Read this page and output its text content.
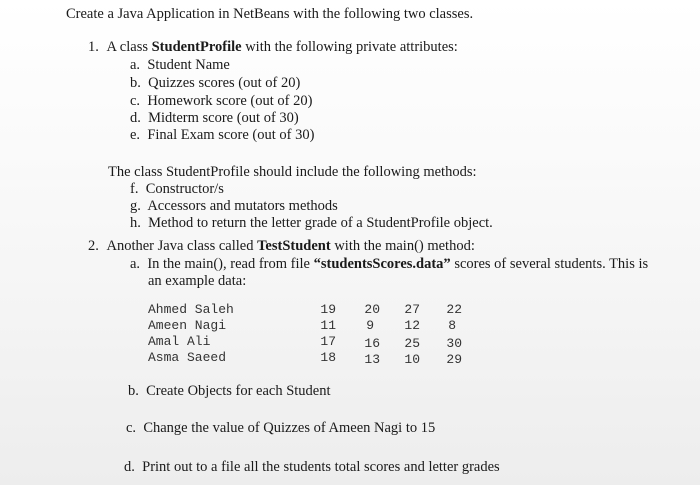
Create a Java Application in NetBeans with the following two classes.
1. A class StudentProfile with the following private attributes:
a. Student Name
b. Quizzes scores (out of 20)
c. Homework score (out of 20)
d. Midterm score (out of 30)
e. Final Exam score (out of 30)
The class StudentProfile should include the following methods:
f. Constructor/s
g. Accessors and mutators methods
h. Method to return the letter grade of a StudentProfile object.
2. Another Java class called TestStudent with the main() method:
a. In the main(), read from file “studentsScores.data” scores of several students. This is
an example data:
Ahmed Saleh	19	20	27	22
Ameen Nagi	11	9	12	8
Amal Ali	17	16	25	30
Asma Saeed	18	13	10	29
b. Create Objects for each Student
c. Change the value of Quizzes of Ameen Nagi to 15
d. Print out to a file all the students total scores and letter grades
